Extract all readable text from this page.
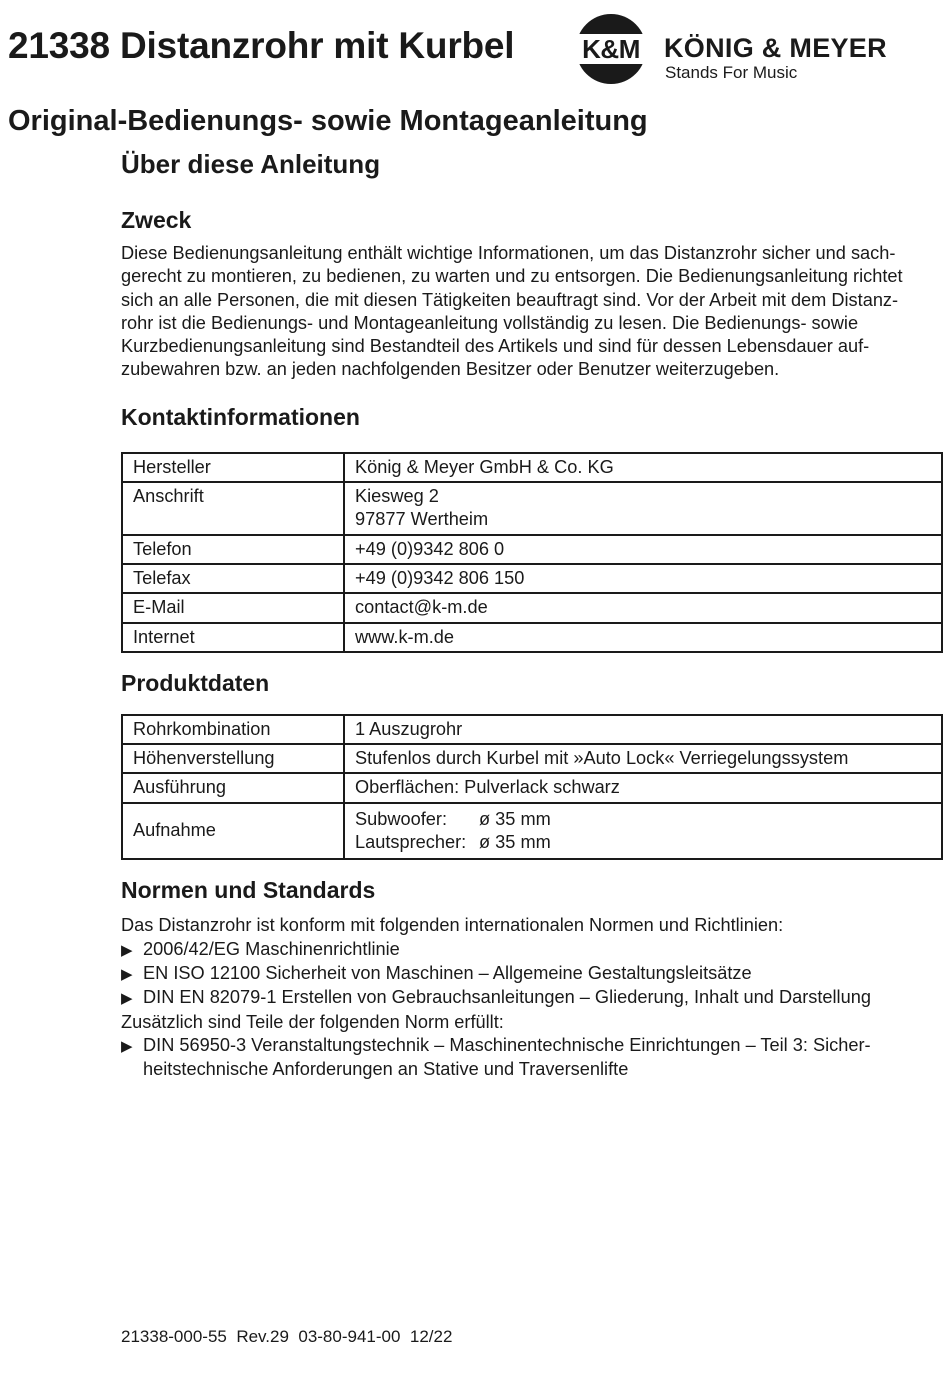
21338 Distanzrohr mit Kurbel	K&M KÖNIG & MEYER
Stands For Music
Original-Bedienungs- sowie Montageanleitung
Über diese Anleitung
Zweck

Diese Bedienungsanleitung enthält wichtige Informationen, um das Distanzrohr sicher und sach-
gerecht zu montieren, zu bedienen, zu warten und zu entsorgen. Die Bedienungsanleitung richtet
sich an alle Personen, die mit diesen Tätigkeiten beauftragt sind. Vor der Arbeit mit dem Distanz-
rohr ist die Bedienungs- und Montageanleitung vollständig zu lesen. Die Bedienungs- sowie
Kurzbedienungsanleitung sind Bestandteil des Artikels und sind für dessen Lebensdauer auf-
zubewahren bzw. an jeden nachfolgenden Besitzer oder Benutzer weiterzugeben.

Kontaktinformationen
Hersteller	König & Meyer GmbH & Co. KG
Anschrift	Kiesweg 2
97877 Wertheim
Telefon	+49 (0)9342 806 0
Telefax	+49 (0)9342 806 150
E-Mail	contact@k-m.de
Internet	www.k-m.de
Produktdaten
Rohrkombination	1 Auszugrohr
Höhenverstellung	Stufenlos durch Kurbel mit »Auto Lock« Verriegelungssystem
Ausführung	Oberflächen: Pulverlack schwarz
Aufnahme	Subwoofer: ø 35 mm
Lautsprecher: ø 35 mm
Normen und Standards
Das Distanzrohr ist konform mit folgenden internationalen Normen und Richtlinien:
▶ 2006/42/EG Maschinenrichtlinie
▶ EN ISO 12100 Sicherheit von Maschinen – Allgemeine Gestaltungsleitsätze
▶ DIN EN 82079-1 Erstellen von Gebrauchsanleitungen – Gliederung, Inhalt und Darstellung
Zusätzlich sind Teile der folgenden Norm erfüllt:
▶ DIN 56950-3 Veranstaltungstechnik – Maschinentechnische Einrichtungen – Teil 3: Sicher-
heitstechnische Anforderungen an Stative und Traversenlifte
21338-000-55  Rev.29  03-80-941-00  12/22
